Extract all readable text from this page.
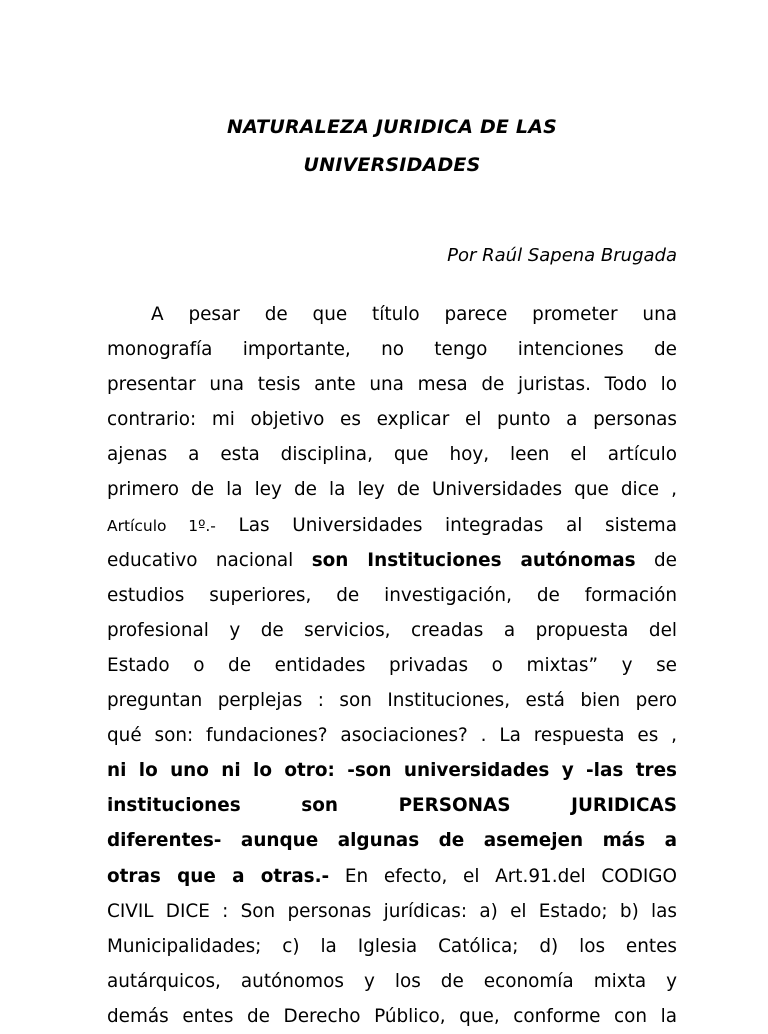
NATURALEZA JURIDICA DE LAS
UNIVERSIDADES
Por Raúl Sapena Brugada
A pesar de que título parece prometer una
monografía importante, no tengo intenciones de
presentar una tesis ante una mesa de juristas. Todo lo
contrario: mi objetivo es explicar el punto a personas
ajenas a esta disciplina, que hoy, leen el artículo
primero de la ley de la ley de Universidades que dice ,
Artículo 1º.- Las Universidades integradas al sistema
educativo nacional son Instituciones autónomas de
estudios superiores, de investigación, de formación
profesional y de servicios, creadas a propuesta del
Estado o de entidades privadas o mixtas” y se
preguntan perplejas : son Instituciones, está bien pero
qué son: fundaciones? asociaciones? . La respuesta es ,
ni lo uno ni lo otro: -son universidades y -las tres
instituciones son PERSONAS JURIDICAS
diferentes- aunque algunas de asemejen más a
otras que a otras.- En efecto, el Art.91.del CODIGO
CIVIL DICE : Son personas jurídicas: a) el Estado; b) las
Municipalidades; c) la Iglesia Católica; d) los entes
autárquicos, autónomos y los de economía mixta y
demás entes de Derecho Público, que, conforme con la
